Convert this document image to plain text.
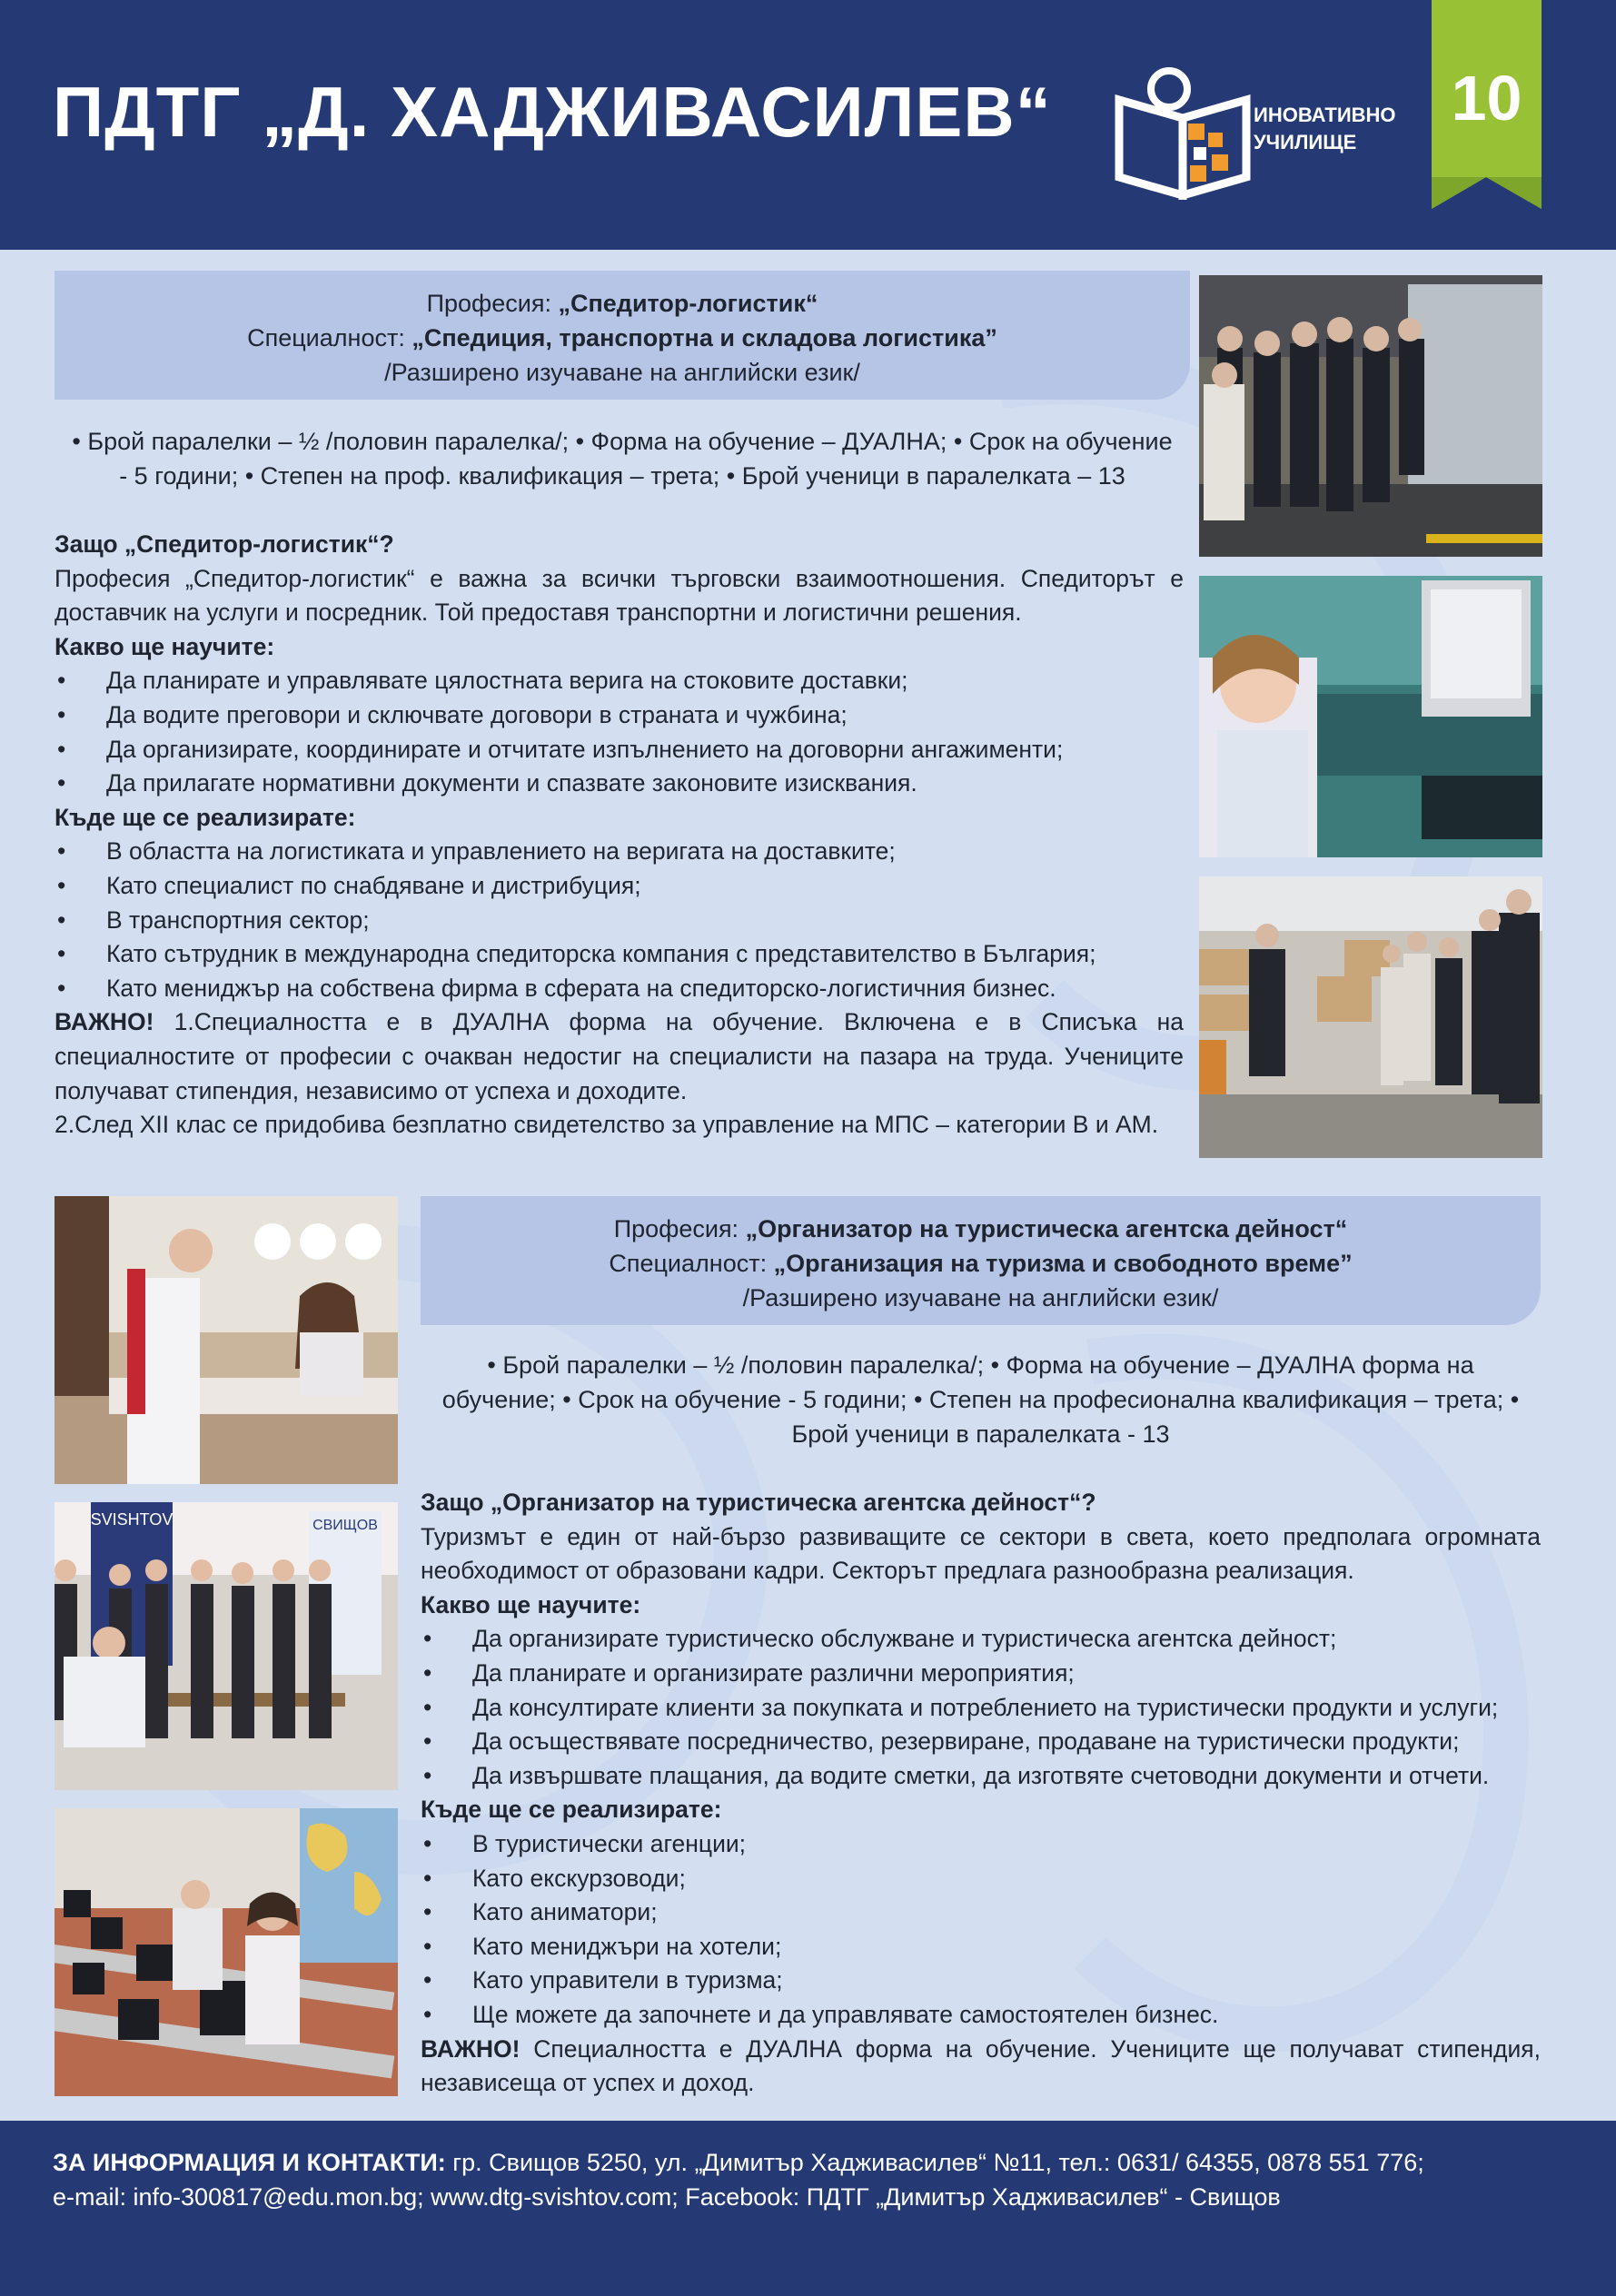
ПДТГ „Д. ХАДЖИВАСИЛЕВ“	ИНОВАТИВНО
УЧИЛИЩЕ
10
Професия: „Спедитор-логистик“
Специалност: „Спедиция, транспортна и складова логистика”
/Разширено изучаване на английски език/
• Брой паралелки – ½ /половин паралелка/; • Форма на обучение – ДУАЛНА; • Срок на обучение
- 5 години; • Степен на проф. квалификация – трета; • Брой ученици в паралелката – 13

Защо „Спедитор-логистик“?

Професия „Спедитор-логистик“ е важна за всички търговски взаимоотношения. Спедиторът е доставчик на услуги и посредник. Той предоставя транспортни и логистични решения.

Какво ще научите:

• Да планирате и управлявате цялостната верига на стоковите доставки;
• Да водите преговори и сключвате договори в страната и чужбина;
• Да организирате, координирате и отчитате изпълнението на договорни ангажименти;
• Да прилагате нормативни документи и спазвате законовите изисквания.

Къде ще се реализирате:

• В областта на логистиката и управлението на веригата на доставките;
• Като специалист по снабдяване и дистрибуция;
• В транспортния сектор;
• Като сътрудник в международна спедиторска компания с представителство в България;
• Като мениджър на собствена фирма в сферата на спедиторско-логистичния бизнес.

ВАЖНО! 1.Специалността е в ДУАЛНА форма на обучение. Включена е в Списъка на специалностите от професии с очакван недостиг на специалисти на пазара на труда. Учениците получават стипендия, независимо от успеха и доходите.

2.След XII клас се придобива безплатно свидетелство за управление на МПС – категории B и AM.

SVISHTOV	СВИЩОВ
Професия: „Организатор на туристическа агентска дейност“
Специалност: „Организация на туризма и свободното време”
/Разширено изучаване на английски език/
• Брой паралелки – ½ /половин паралелка/; • Форма на обучение – ДУАЛНА форма на
обучение; • Срок на обучение - 5 години; • Степен на професионална квалификация – трета; •
Брой ученици в паралелката - 13

Защо „Организатор на туристическа агентска дейност“?

Туризмът е един от най-бързо развиващите се сектори в света, което предполага огромната необходимост от образовани кадри. Секторът предлага разнообразна реализация.

Какво ще научите:

• Да организирате туристическо обслужване и туристическа агентска дейност;
• Да планирате и организирате различни мероприятия;
• Да консултирате клиенти за покупката и потреблението на туристически продукти и услуги;
• Да осъществявате посредничество, резервиране, продаване на туристически продукти;
• Да извършвате плащания, да водите сметки, да изготвяте счетоводни документи и отчети.

Къде ще се реализирате:

• В туристически агенции;
• Като екскурзоводи;
• Като аниматори;
• Като мениджъри на хотели;
• Като управители в туризма;
• Ще можете да започнете и да управлявате самостоятелен бизнес.

ВАЖНО! Специалността е ДУАЛНА форма на обучение. Учениците ще получават стипендия, независеща от успех и доход.

ЗА ИНФОРМАЦИЯ И КОНТАКТИ: гр. Свищов 5250, ул. „Димитър Хадживасилев“ №11, тел.: 0631/ 64355, 0878 551 776;
e-mail: info-300817@edu.mon.bg; www.dtg-svishtov.com; Facebook: ПДТГ „Димитър Хадживасилев“ - Свищов
